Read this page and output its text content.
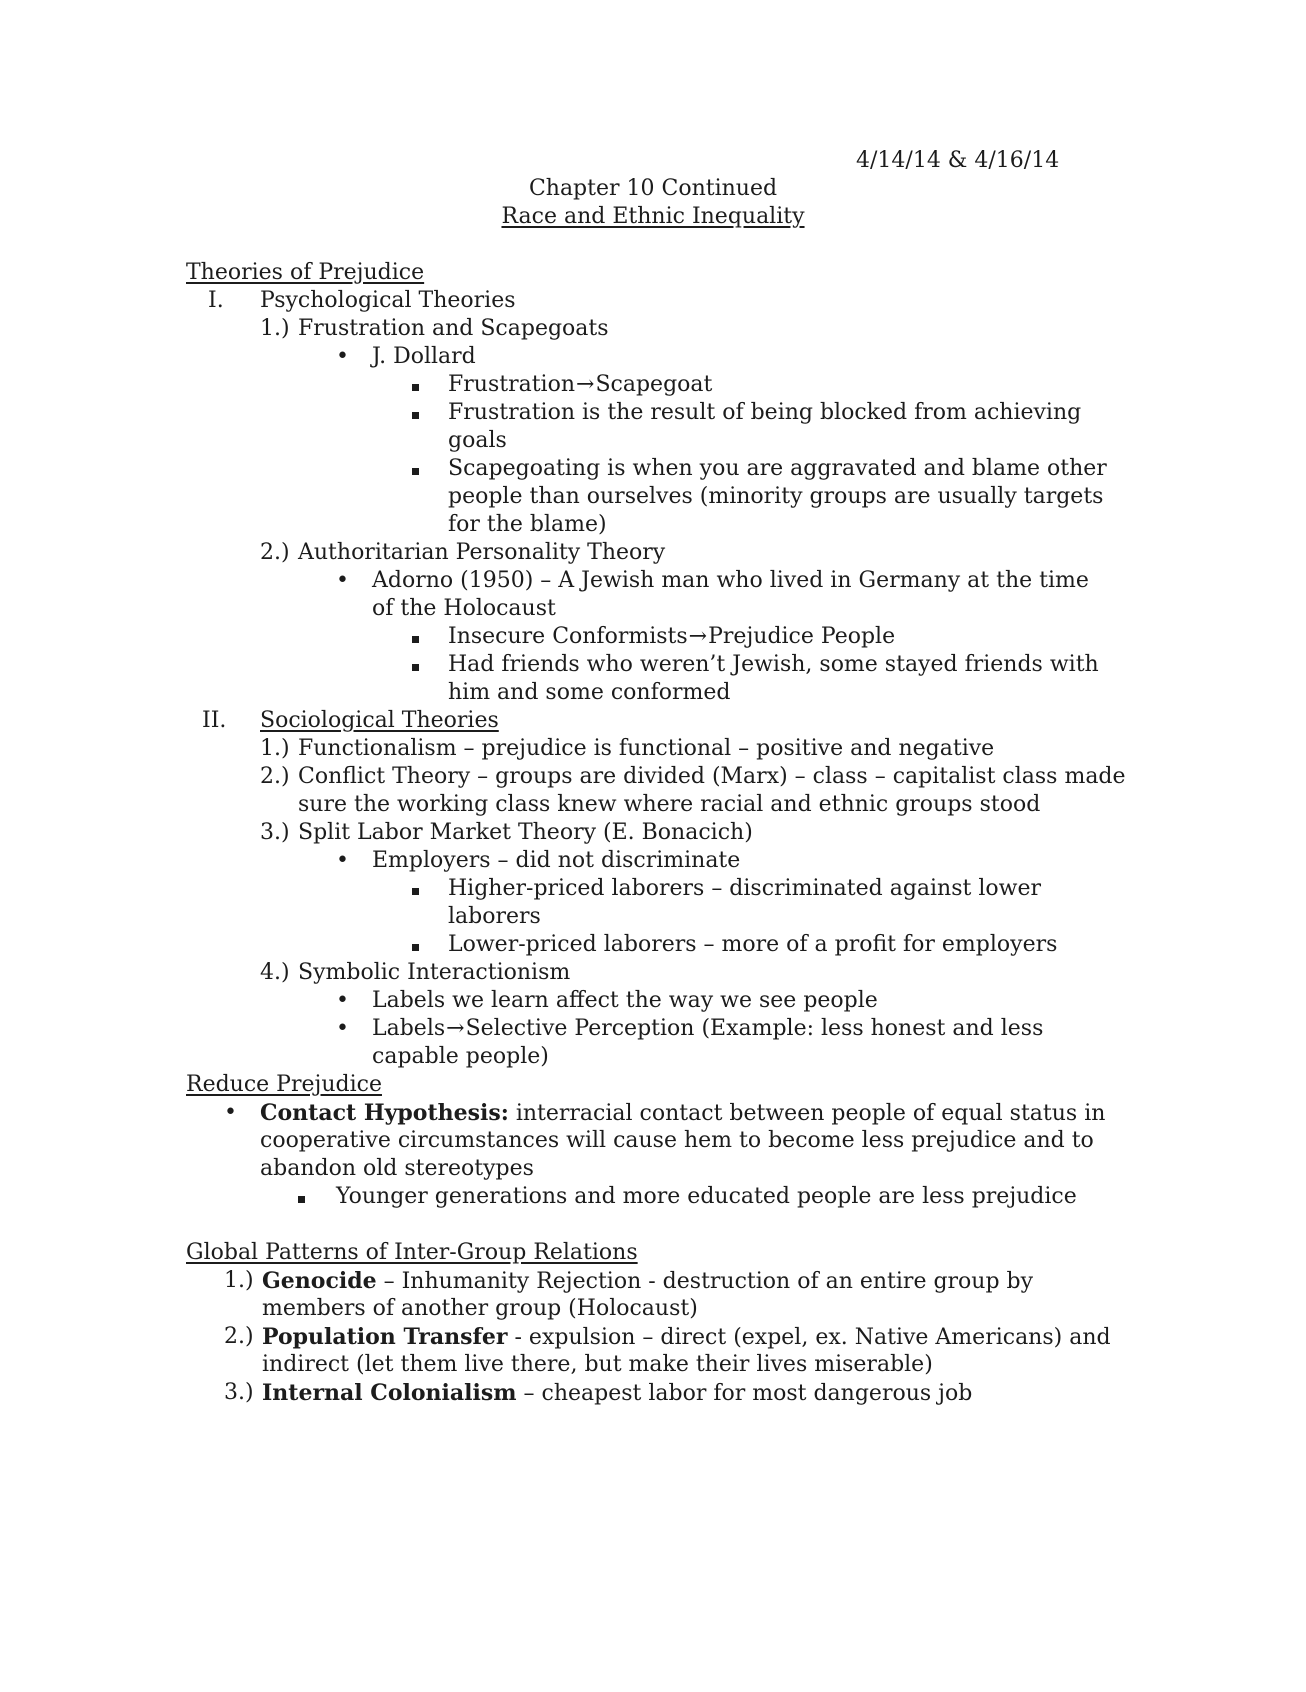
4/14/14 & 4/16/14
Chapter 10 Continued
Race and Ethnic Inequality
Theories of Prejudice
I. Psychological Theories
1.) Frustration and Scapegoats
• J. Dollard
Frustration→Scapegoat
Frustration is the result of being blocked from achieving
goals
Scapegoating is when you are aggravated and blame other
people than ourselves (minority groups are usually targets
for the blame)
2.) Authoritarian Personality Theory
• Adorno (1950) – A Jewish man who lived in Germany at the time
of the Holocaust
Insecure Conformists→Prejudice People
Had friends who weren’t Jewish, some stayed friends with
him and some conformed
II. Sociological Theories
1.) Functionalism – prejudice is functional – positive and negative
2.) Conflict Theory – groups are divided (Marx) – class – capitalist class made
sure the working class knew where racial and ethnic groups stood
3.) Split Labor Market Theory (E. Bonacich)
• Employers – did not discriminate
Higher-priced laborers – discriminated against lower
laborers
Lower-priced laborers – more of a profit for employers
4.) Symbolic Interactionism
• Labels we learn affect the way we see people
• Labels→Selective Perception (Example: less honest and less
capable people)
Reduce Prejudice
• Contact Hypothesis: interracial contact between people of equal status in
cooperative circumstances will cause hem to become less prejudice and to
abandon old stereotypes
Younger generations and more educated people are less prejudice
Global Patterns of Inter-Group Relations
1.) Genocide – Inhumanity Rejection - destruction of an entire group by
members of another group (Holocaust)
2.) Population Transfer - expulsion – direct (expel, ex. Native Americans) and
indirect (let them live there, but make their lives miserable)
3.) Internal Colonialism – cheapest labor for most dangerous job
